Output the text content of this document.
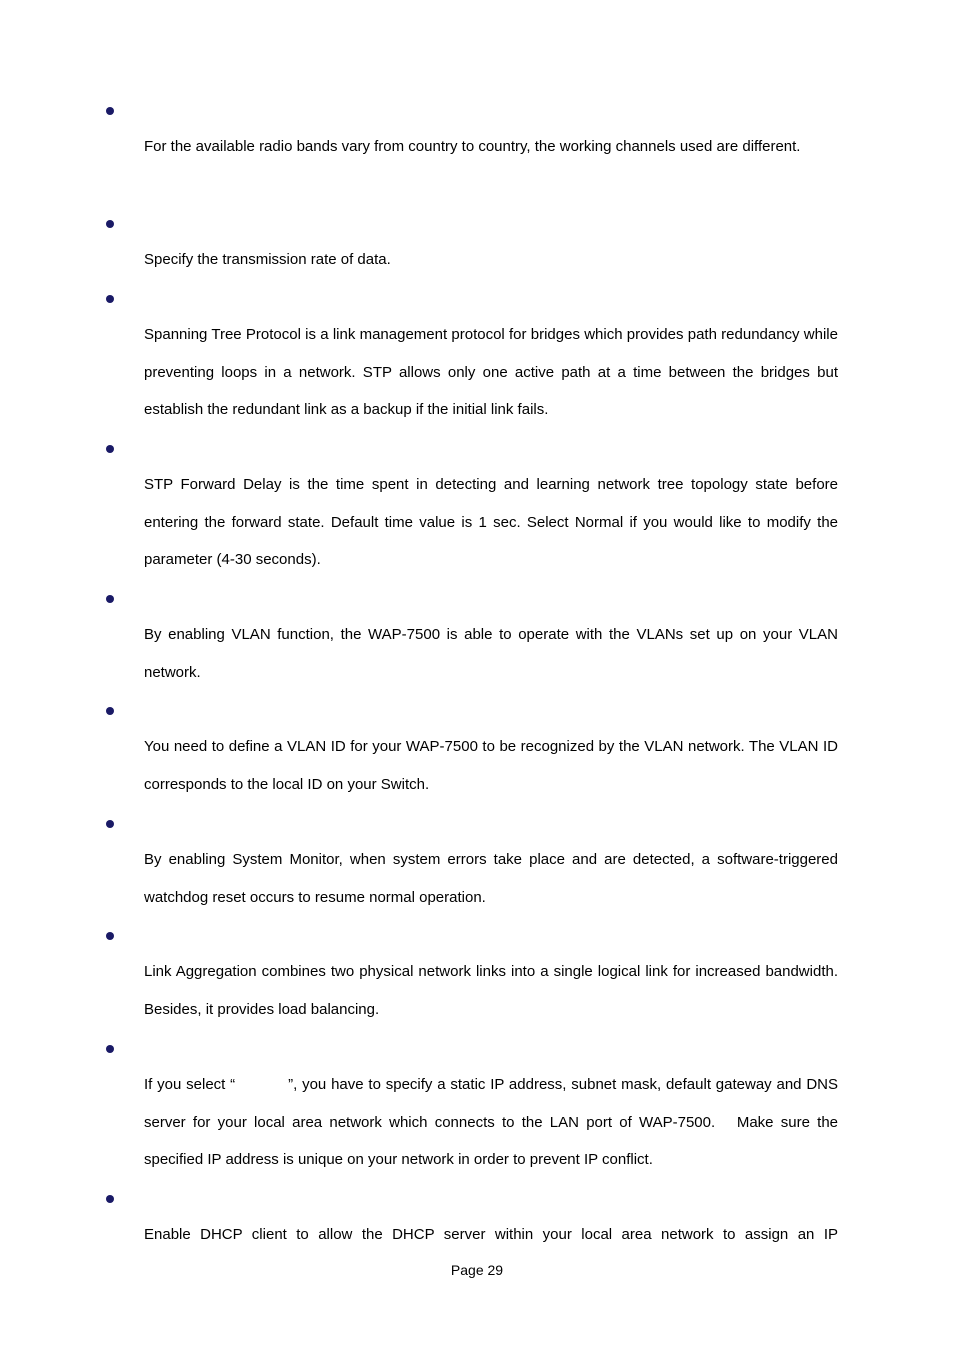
For the available radio bands vary from country to country, the working channels used are different.

Specify the transmission rate of data.

Spanning Tree Protocol is a link management protocol for bridges which provides path redundancy while preventing loops in a network. STP allows only one active path at a time between the bridges but establish the redundant link as a backup if the initial link fails.

STP Forward Delay is the time spent in detecting and learning network tree topology state before entering the forward state. Default time value is 1 sec. Select Normal if you would like to modify the parameter (4-30 seconds).

By enabling VLAN function, the WAP-7500 is able to operate with the VLANs set up on your VLAN network.

You need to define a VLAN ID for your WAP-7500 to be recognized by the VLAN network. The VLAN ID corresponds to the local ID on your Switch.

By enabling System Monitor, when system errors take place and are detected, a software-triggered watchdog reset occurs to resume normal operation.

Link Aggregation combines two physical network links into a single logical link for increased bandwidth. Besides, it provides load balancing.

If you select “           ”, you have to specify a static IP address, subnet mask, default gateway and DNS server for your local area network which connects to the LAN port of WAP-7500.   Make sure the specified IP address is unique on your network in order to prevent IP conflict.

Enable DHCP client to allow the DHCP server within your local area network to assign an IP

Page 29
